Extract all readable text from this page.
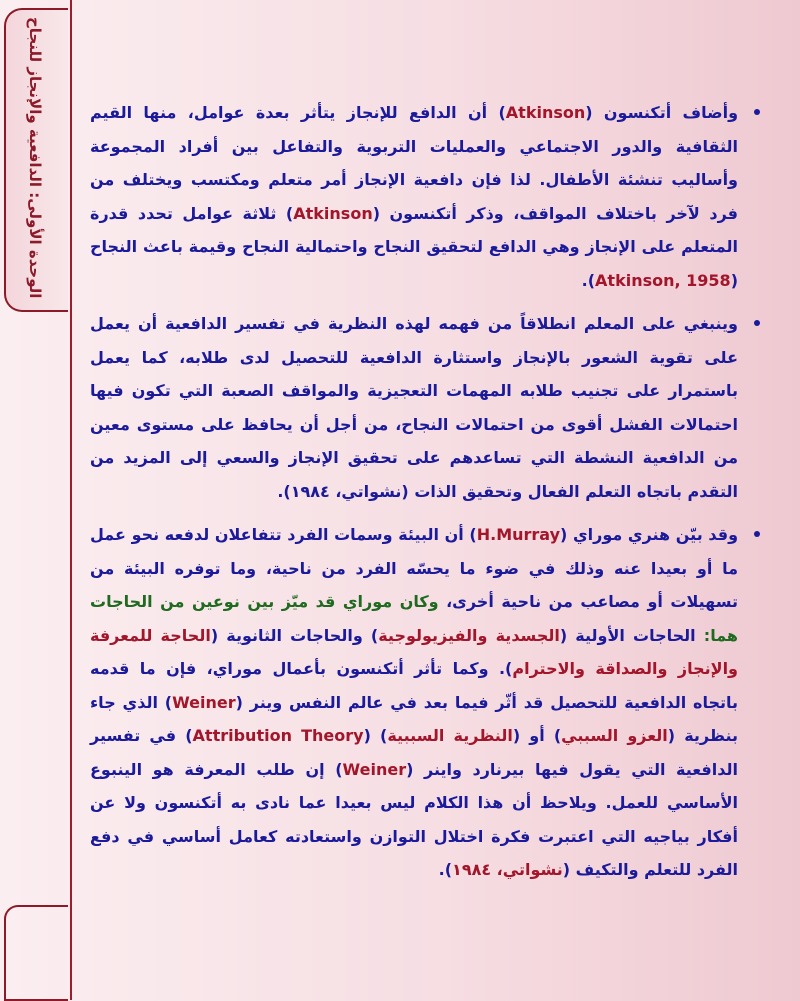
الوحدة الأولى: الدافعية والإنجاز للنجاح	وأضاف أتكنسون (Atkinson) أن الدافع للإنجاز يتأثر بعدة عوامل، منها القيم الثقافية والدور الاجتماعي والعمليات التربوية والتفاعل بين أفراد المجموعة وأساليب تنشئة الأطفال. لذا فإن دافعية الإنجاز أمر متعلم ومكتسب ويختلف من فرد لآخر باختلاف المواقف، وذكر أتكنسون (Atkinson) ثلاثة عوامل تحدد قدرة المتعلم على الإنجاز وهي الدافع لتحقيق النجاح واحتمالية النجاح وقيمة باعث النجاح (Atkinson, 1958).

وينبغي على المعلم انطلاقاً من فهمه لهذه النظرية في تفسير الدافعية أن يعمل على تقوية الشعور بالإنجاز واستثارة الدافعية للتحصيل لدى طلابه، كما يعمل باستمرار على تجنيب طلابه المهمات التعجيزية والمواقف الصعبة التي تكون فيها احتمالات الفشل أقوى من احتمالات النجاح، من أجل أن يحافظ على مستوى معين من الدافعية النشطة التي تساعدهم على تحقيق الإنجاز والسعي إلى المزيد من التقدم باتجاه التعلم الفعال وتحقيق الذات (نشواتي، ١٩٨٤).

وقد بيّن هنري موراي (H.Murray) أن البيئة وسمات الفرد تتفاعلان لدفعه نحو عمل ما أو بعيدا عنه وذلك في ضوء ما يحسّه الفرد من ناحية، وما توفره البيئة من تسهيلات أو مصاعب من ناحية أخرى، وكان موراي قد ميّز بين نوعين من الحاجات هما: الحاجات الأولية (الجسدية والفيزيولوجية) والحاجات الثانوية (الحاجة للمعرفة والإنجاز والصداقة والاحترام). وكما تأثر أتكنسون بأعمال موراي، فإن ما قدمه باتجاه الدافعية للتحصيل قد أثّر فيما بعد في عالم النفس وينر (Weiner) الذي جاء بنظرية (العزو السببي) أو (النظرية السببية) (Attribution Theory) في تفسير الدافعية التي يقول فيها بيرنارد واينر (Weiner) إن طلب المعرفة هو الينبوع الأساسي للعمل. ويلاحظ أن هذا الكلام ليس بعيدا عما نادى به أتكنسون ولا عن أفكار بياجيه التي اعتبرت فكرة اختلال التوازن واستعادته كعامل أساسي في دفع الفرد للتعلم والتكيف (نشواتي، ١٩٨٤).
